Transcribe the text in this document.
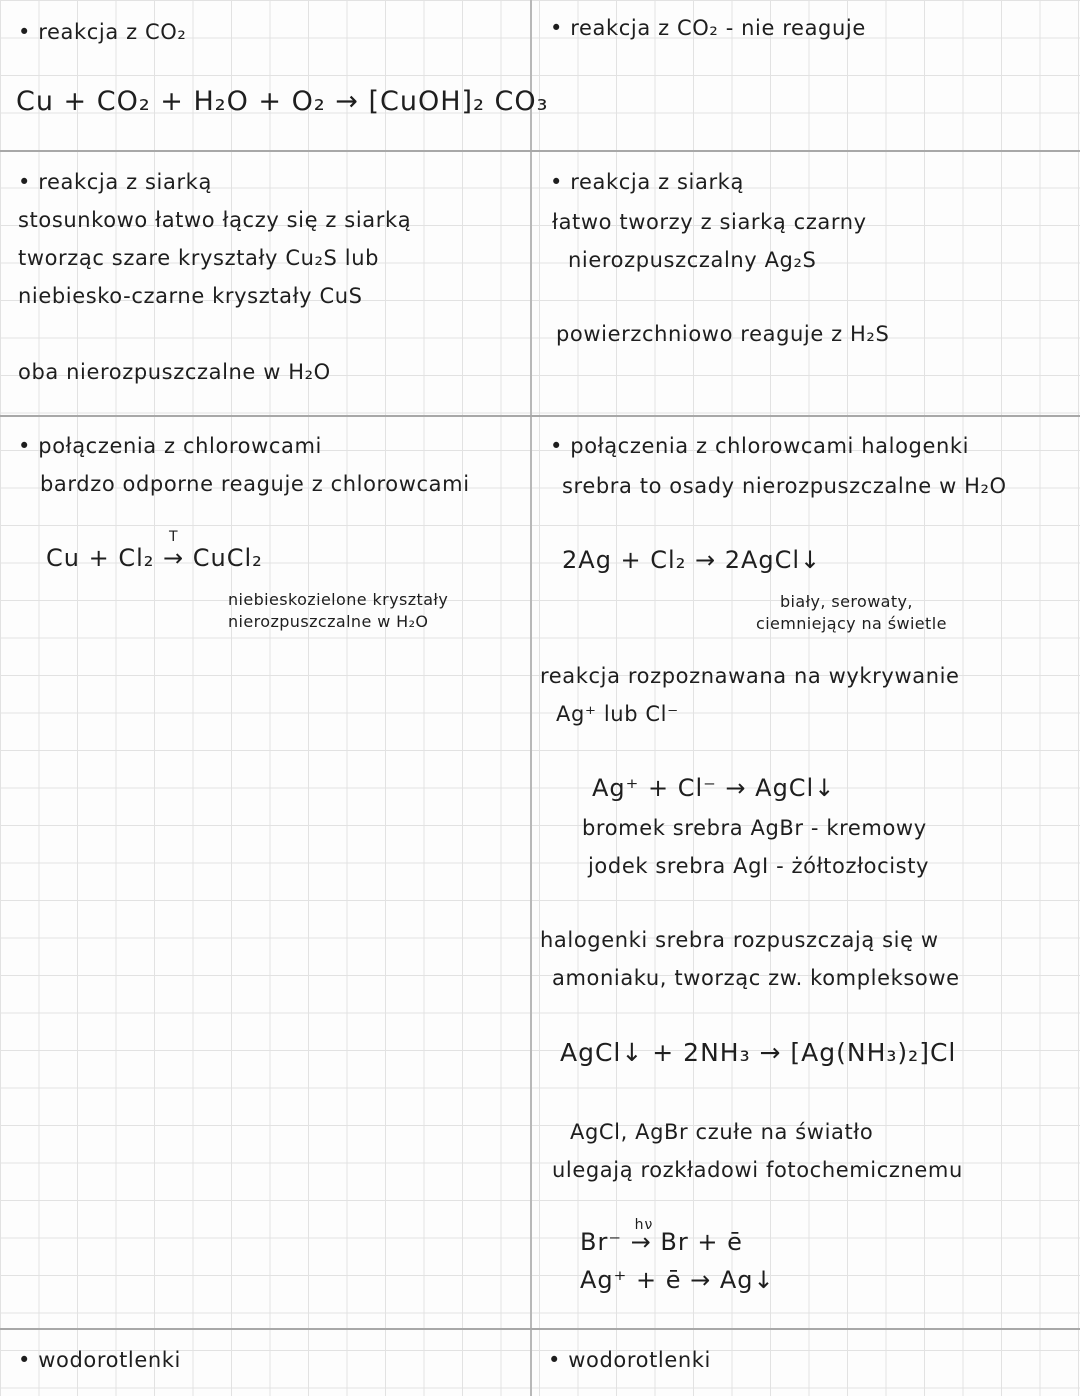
• reakcja z CO₂
Cu + CO₂ + H₂O + O₂ → [CuOH]₂ CO₃
• reakcja z siarką
stosunkowo łatwo łączy się z siarką
tworząc szare kryształy Cu₂S lub
niebiesko-czarne kryształy CuS
oba nierozpuszczalne w H₂O
• połączenia z chlorowcami
bardzo odporne reaguje z chlorowcami
Cu + Cl₂
T
→ CuCl₂
niebieskozielone kryształy
nierozpuszczalne w H₂O
• wodorotlenki
• reakcja z CO₂ - nie reaguje
• reakcja z siarką
łatwo tworzy z siarką czarny
nierozpuszczalny Ag₂S
powierzchniowo reaguje z H₂S
• połączenia z chlorowcami halogenki
srebra to osady nierozpuszczalne w H₂O
2Ag + Cl₂ → 2AgCl↓
biały, serowaty,
ciemniejący na świetle
reakcja rozpoznawana na wykrywanie
Ag⁺ lub Cl⁻
Ag⁺ + Cl⁻ → AgCl↓
bromek srebra AgBr - kremowy
jodek srebra AgI - żółtozłocisty
halogenki srebra rozpuszczają się w
amoniaku, tworząc zw. kompleksowe
AgCl↓ + 2NH₃ → [Ag(NH₃)₂]Cl
AgCl, AgBr czułe na światło
ulegają rozkładowi fotochemicznemu
Br⁻
hν
→ Br + ē
Ag⁺ + ē → Ag↓
• wodorotlenki
